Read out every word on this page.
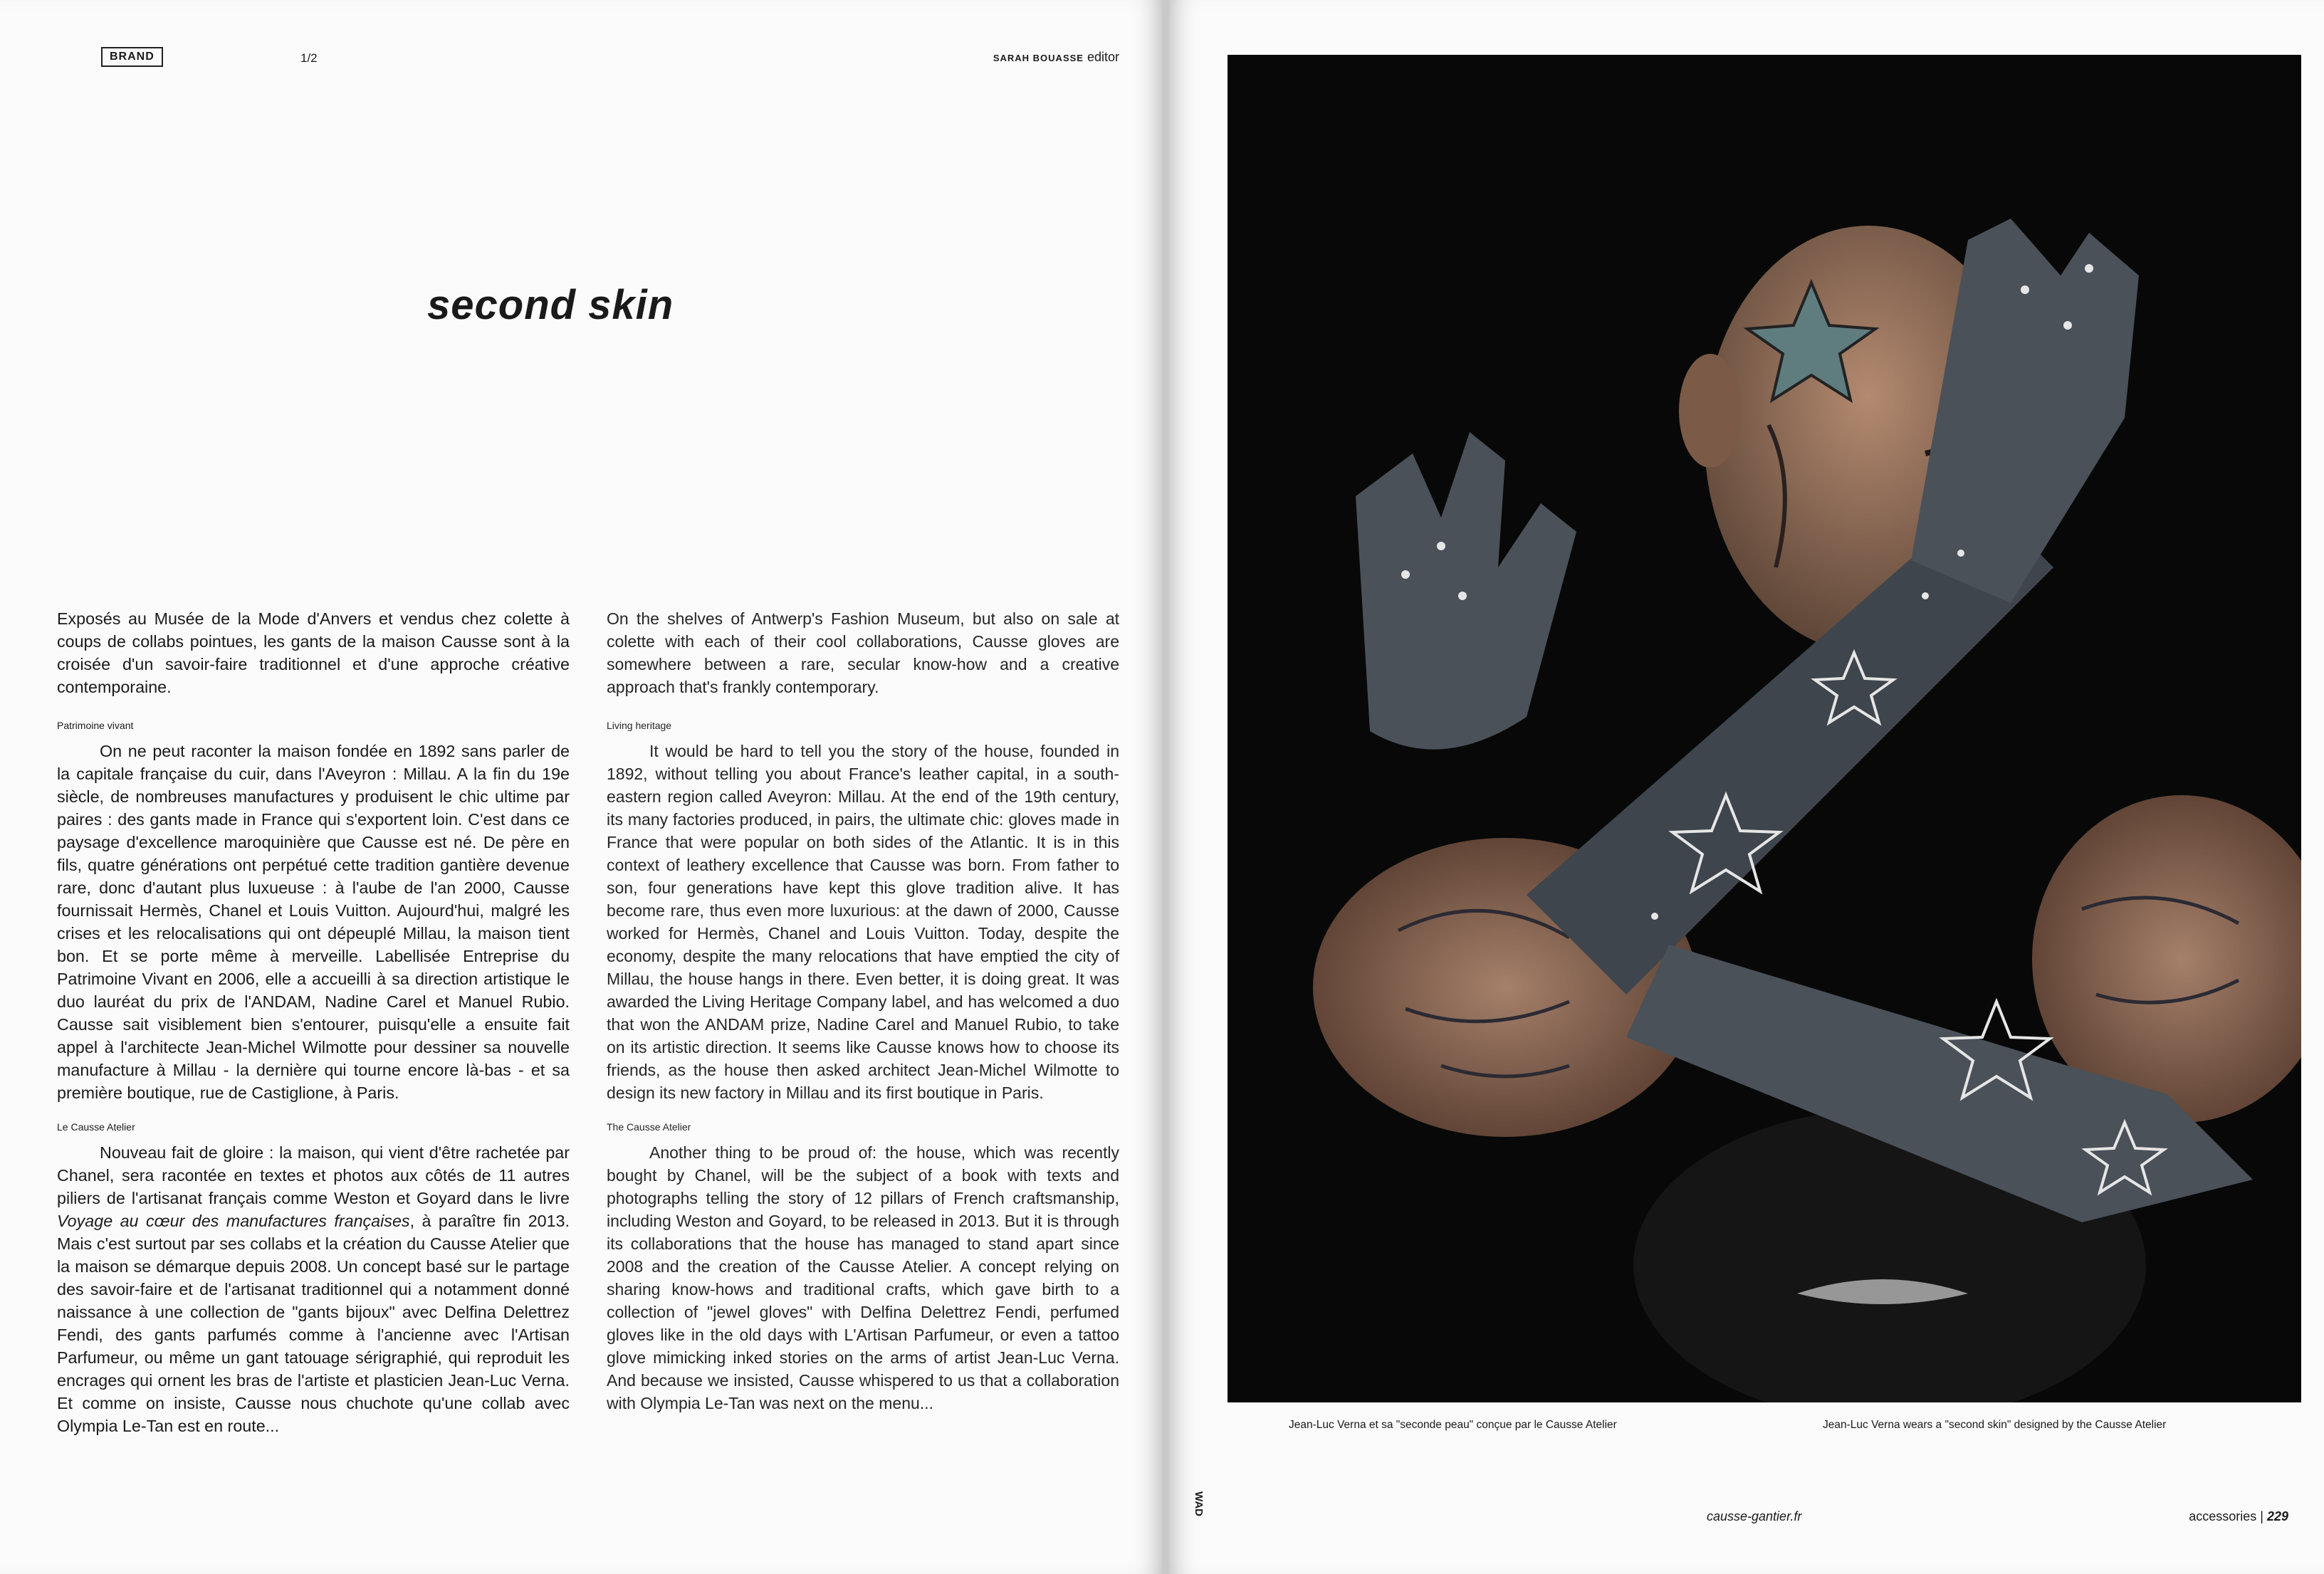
BRAND	1/2	SARAH BOUASSE editor
second skin

Exposés au Musée de la Mode d'Anvers et vendus chez colette à coups de collabs pointues, les gants de la maison Causse sont à la croisée d'un savoir-faire traditionnel et d'une approche créative contemporaine.

Patrimoine vivant

On ne peut raconter la maison fondée en 1892 sans parler de la capitale française du cuir, dans l'Aveyron : Millau. A la fin du 19e siècle, de nombreuses manufactures y produisent le chic ultime par paires : des gants made in France qui s'exportent loin. C'est dans ce paysage d'excellence maroquinière que Causse est né. De père en fils, quatre générations ont perpétué cette tradition gantière devenue rare, donc d'autant plus luxueuse : à l'aube de l'an 2000, Causse fournissait Hermès, Chanel et Louis Vuitton. Aujourd'hui, malgré les crises et les relocalisations qui ont dépeuplé Millau, la maison tient bon. Et se porte même à merveille. Labellisée Entreprise du Patrimoine Vivant en 2006, elle a accueilli à sa direction artistique le duo lauréat du prix de l'ANDAM, Nadine Carel et Manuel Rubio. Causse sait visiblement bien s'entourer, puisqu'elle a ensuite fait appel à l'architecte Jean-Michel Wilmotte pour dessiner sa nouvelle manufacture à Millau - la dernière qui tourne encore là-bas - et sa première boutique, rue de Castiglione, à Paris.

Le Causse Atelier

Nouveau fait de gloire : la maison, qui vient d'être rachetée par Chanel, sera racontée en textes et photos aux côtés de 11 autres piliers de l'artisanat français comme Weston et Goyard dans le livre Voyage au cœur des manufactures françaises, à paraître fin 2013. Mais c'est surtout par ses collabs et la création du Causse Atelier que la maison se démarque depuis 2008. Un concept basé sur le partage des savoir-faire et de l'artisanat traditionnel qui a notamment donné naissance à une collection de "gants bijoux" avec Delfina Delettrez Fendi, des gants parfumés comme à l'ancienne avec l'Artisan Parfumeur, ou même un gant tatouage sérigraphié, qui reproduit les encrages qui ornent les bras de l'artiste et plasticien Jean-Luc Verna. Et comme on insiste, Causse nous chuchote qu'une collab avec Olympia Le-Tan est en route...

On the shelves of Antwerp's Fashion Museum, but also on sale at colette with each of their cool collaborations, Causse gloves are somewhere between a rare, secular know-how and a creative approach that's frankly contemporary.

Living heritage

It would be hard to tell you the story of the house, founded in 1892, without telling you about France's leather capital, in a south-eastern region called Aveyron: Millau. At the end of the 19th century, its many factories produced, in pairs, the ultimate chic: gloves made in France that were popular on both sides of the Atlantic. It is in this context of leathery excellence that Causse was born. From father to son, four generations have kept this glove tradition alive. It has become rare, thus even more luxurious: at the dawn of 2000, Causse worked for Hermès, Chanel and Louis Vuitton. Today, despite the economy, despite the many relocations that have emptied the city of Millau, the house hangs in there. Even better, it is doing great. It was awarded the Living Heritage Company label, and has welcomed a duo that won the ANDAM prize, Nadine Carel and Manuel Rubio, to take on its artistic direction. It seems like Causse knows how to choose its friends, as the house then asked architect Jean-Michel Wilmotte to design its new factory in Millau and its first boutique in Paris.

The Causse Atelier

Another thing to be proud of: the house, which was recently bought by Chanel, will be the subject of a book with texts and photographs telling the story of 12 pillars of French craftsmanship, including Weston and Goyard, to be released in 2013. But it is through its collaborations that the house has managed to stand apart since 2008 and the creation of the Causse Atelier. A concept relying on sharing know-hows and traditional crafts, which gave birth to a collection of "jewel gloves" with Delfina Delettrez Fendi, perfumed gloves like in the old days with L'Artisan Parfumeur, or even a tattoo glove mimicking inked stories on the arms of artist Jean-Luc Verna. And because we insisted, Causse whispered to us that a collaboration with Olympia Le-Tan was next on the menu...

Jean-Luc Verna et sa "seconde peau" conçue par le Causse Atelier	Jean-Luc Verna wears a "second skin" designed by the Causse Atelier
WAD	causse-gantier.fr	accessories | 229
